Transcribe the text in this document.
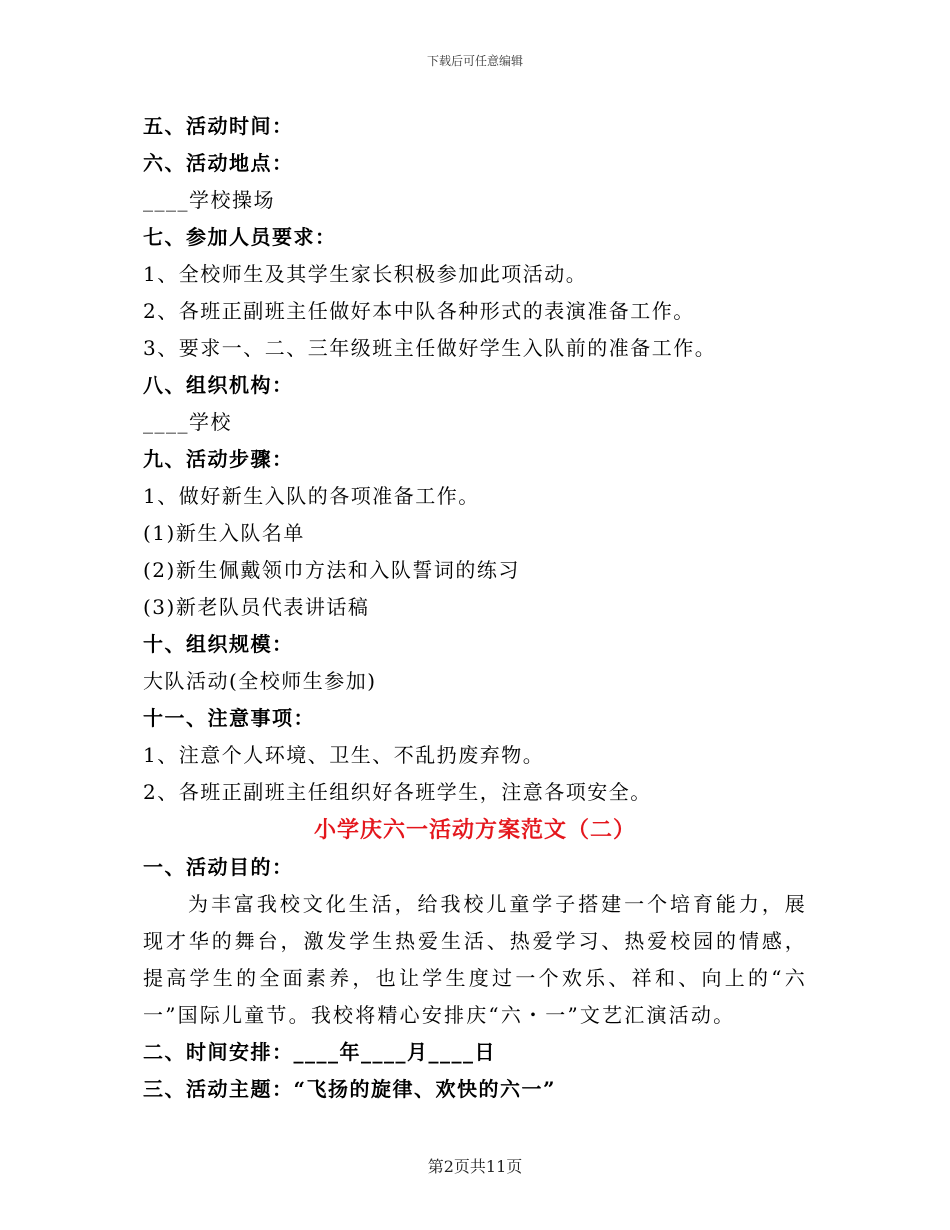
下载后可任意编辑
五、活动时间：
六、活动地点：
____学校操场
七、参加人员要求：
1、全校师生及其学生家长积极参加此项活动。
2、各班正副班主任做好本中队各种形式的表演准备工作。
3、要求一、二、三年级班主任做好学生入队前的准备工作。
八、组织机构：
____学校
九、活动步骤：
1、做好新生入队的各项准备工作。
(1)新生入队名单
(2)新生佩戴领巾方法和入队誓词的练习
(3)新老队员代表讲话稿
十、组织规模：
大队活动(全校师生参加)
十一、注意事项：
1、注意个人环境、卫生、不乱扔废弃物。
2、各班正副班主任组织好各班学生，注意各项安全。
小学庆六一活动方案范文（二）
一、活动目的：

为丰富我校文化生活，给我校儿童学子搭建一个培育能力，展现才华的舞台，激发学生热爱生活、热爱学习、热爱校园的情感，提高学生的全面素养，也让学生度过一个欢乐、祥和、向上的“六一”国际儿童节。我校将精心安排庆“六・一”文艺汇演活动。

二、时间安排：____年____月____日
三、活动主题：“飞扬的旋律、欢快的六一”
第2页共11页
